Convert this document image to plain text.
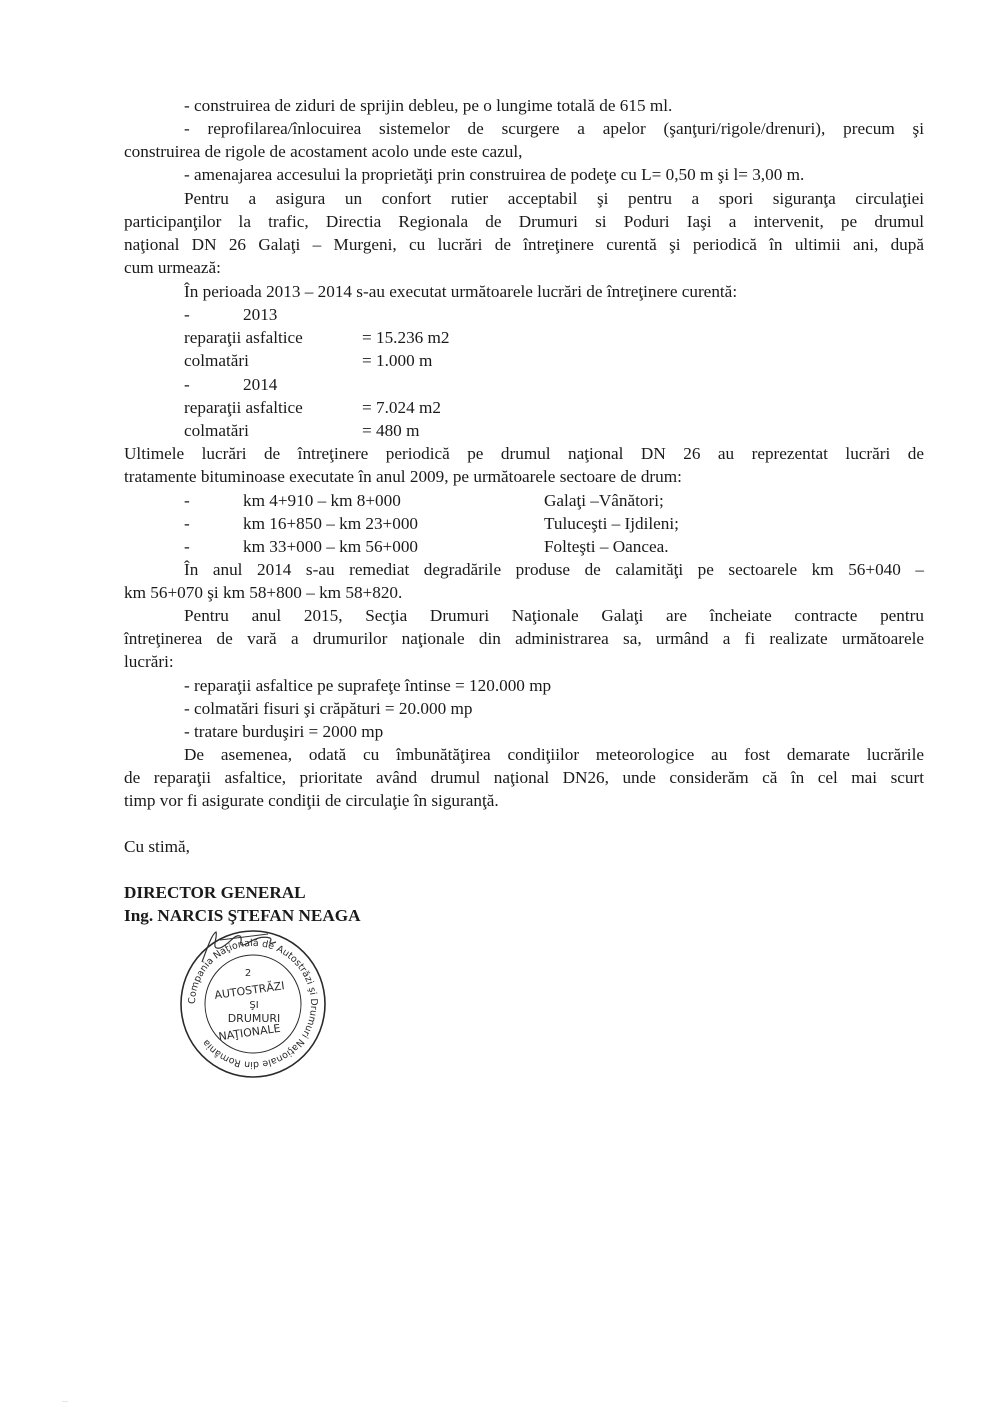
- construirea de ziduri de sprijin debleu, pe o lungime totală de 615 ml.
- reprofilarea/înlocuirea sistemelor de scurgere a apelor (şanţuri/rigole/drenuri), precum şi
construirea de rigole de acostament acolo unde este cazul,
- amenajarea accesului la proprietăţi prin construirea de podeţe cu L= 0,50 m şi l= 3,00 m.
Pentru a asigura un confort rutier acceptabil şi pentru a spori siguranţa circulaţiei
participanţilor la trafic, Directia Regionala de Drumuri si Poduri Iaşi a intervenit, pe drumul
naţional DN 26 Galaţi – Murgeni, cu lucrări de întreţinere curentă şi periodică în ultimii ani, după
cum urmează:
În perioada 2013 – 2014 s-au executat următoarele lucrări de întreţinere curentă:
-	2013
reparaţii asfaltice	= 15.236 m2
colmatări	= 1.000 m
-	2014
reparaţii asfaltice	= 7.024 m2
colmatări	= 480 m
Ultimele lucrări de întreţinere periodică pe drumul naţional DN 26 au reprezentat lucrări de
tratamente bituminoase executate în anul 2009, pe următoarele sectoare de drum:
-	km 4+910 – km 8+000	Galaţi –Vânători;
-	km 16+850 – km 23+000	Tuluceşti – Ijdileni;
-	km 33+000 – km 56+000	Folteşti – Oancea.
În anul 2014 s-au remediat degradările produse de calamităţi pe sectoarele km 56+040 –
km 56+070 şi km 58+800 – km 58+820.
Pentru anul 2015, Secţia Drumuri Naţionale Galaţi are încheiate contracte pentru
întreţinerea de vară a drumurilor naţionale din administrarea sa, urmând a fi realizate următoarele
lucrări:
- reparaţii asfaltice pe suprafeţe întinse = 120.000 mp
- colmatări fisuri şi crăpături = 20.000 mp
- tratare burduşiri = 2000 mp
De asemenea, odată cu îmbunătăţirea condiţiilor meteorologice au fost demarate lucrările
de reparaţii asfaltice, prioritate având drumul naţional DN26, unde considerăm că în cel mai scurt
timp vor fi asigurate condiţii de circulaţie în siguranţă.
Cu stimă,
DIRECTOR GENERAL
Ing. NARCIS ŞTEFAN NEAGA
Compania Naţională de Autostrăzi şi Drumuri Naţionale din România
2
AUTOSTRĂZI
ŞI
DRUMURI
NAŢIONALE
…
